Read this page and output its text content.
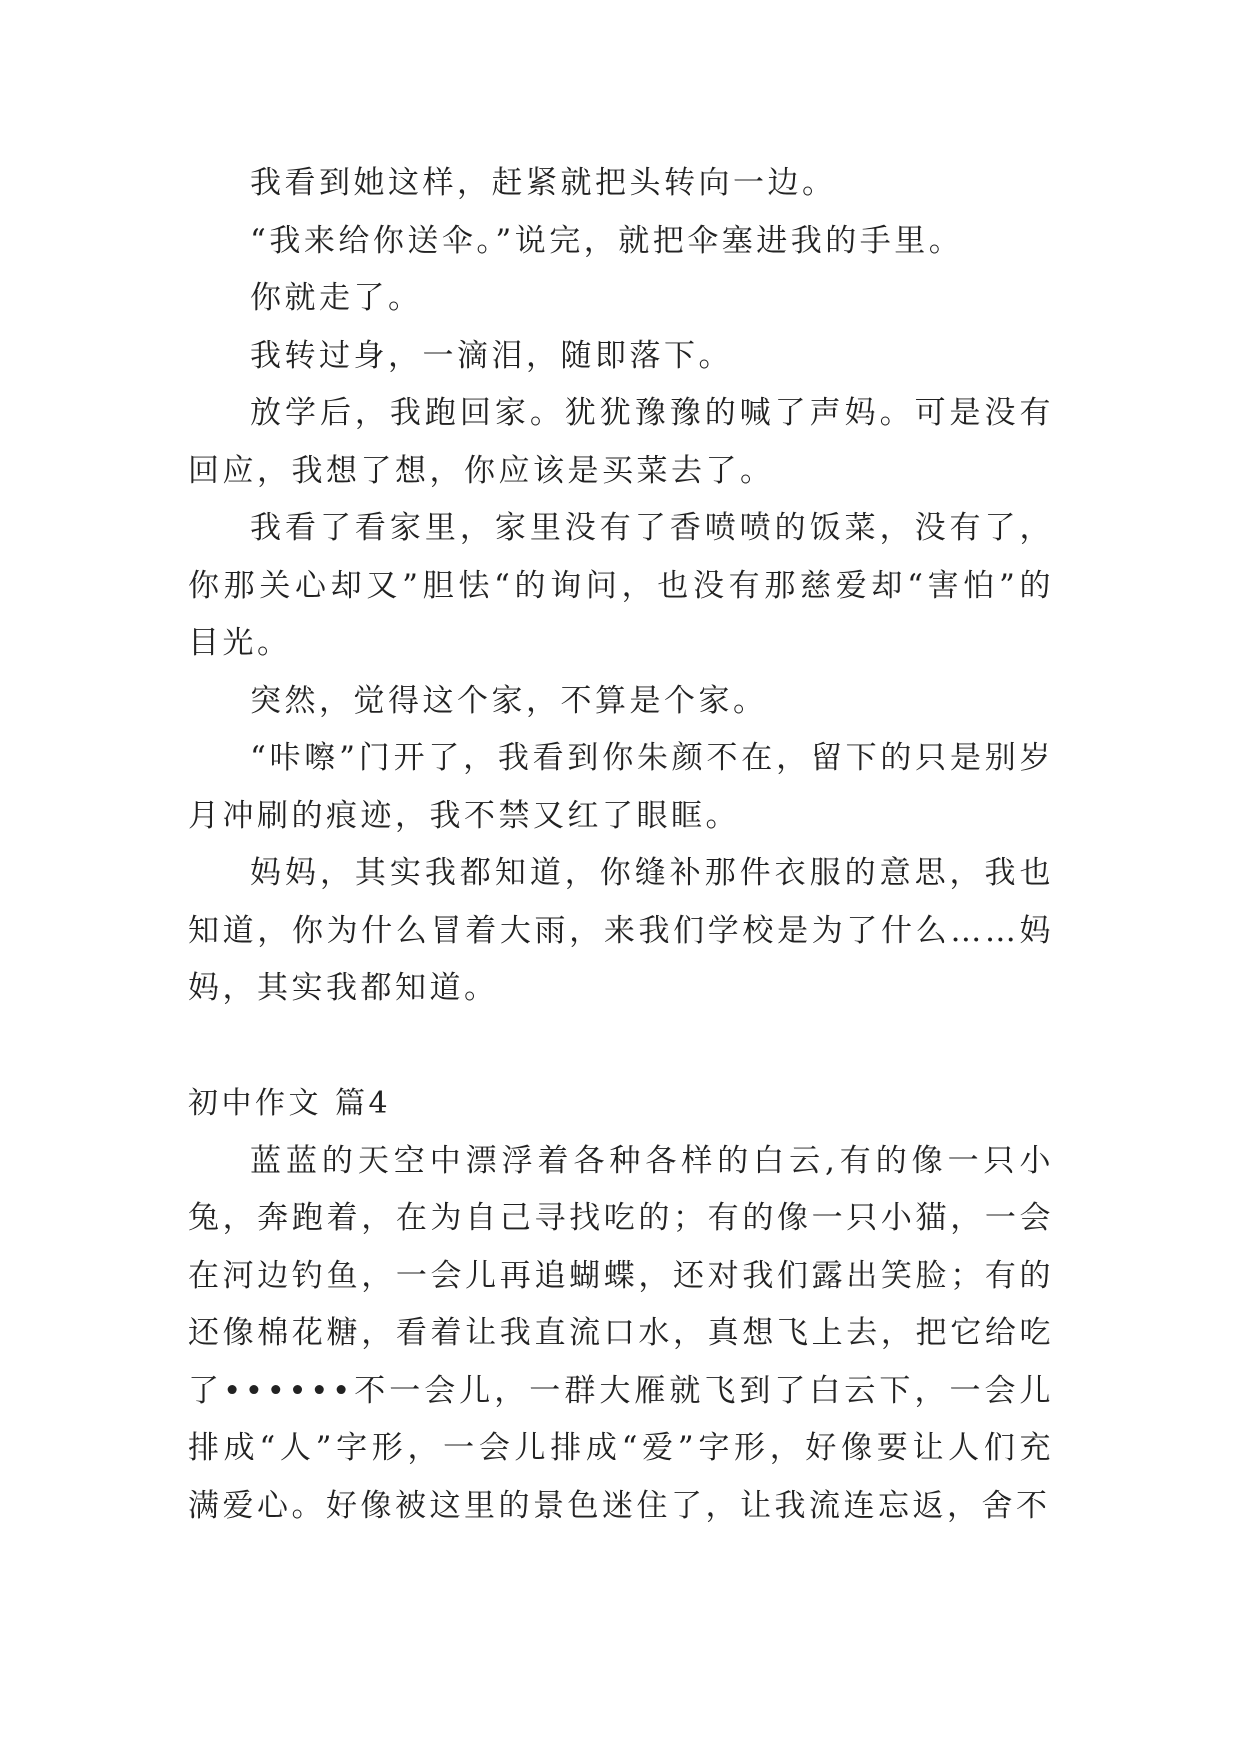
我看到她这样，赶紧就把头转向一边。

“我来给你送伞。”说完，就把伞塞进我的手里。

你就走了。

我转过身，一滴泪，随即落下。

放学后，我跑回家。犹犹豫豫的喊了声妈。可是没有回应，我想了想，你应该是买菜去了。

我看了看家里，家里没有了香喷喷的饭菜，没有了，你那关心却又”胆怯“的询问，也没有那慈爱却“害怕”的目光。

突然，觉得这个家，不算是个家。

“咔嚓”门开了，我看到你朱颜不在，留下的只是别岁月冲刷的痕迹，我不禁又红了眼眶。

妈妈，其实我都知道，你缝补那件衣服的意思，我也知道，你为什么冒着大雨，来我们学校是为了什么……妈妈，其实我都知道。

初中作文 篇4

蓝蓝的天空中漂浮着各种各样的白云,有的像一只小兔，奔跑着，在为自己寻找吃的；有的像一只小猫，一会在河边钓鱼，一会儿再追蝴蝶，还对我们露出笑脸；有的还像棉花糖，看着让我直流口水，真想飞上去，把它给吃了••••••不一会儿，一群大雁就飞到了白云下，一会儿排成“人”字形，一会儿排成“爱”字形，好像要让人们充满爱心。好像被这里的景色迷住了，让我流连忘返，舍不
